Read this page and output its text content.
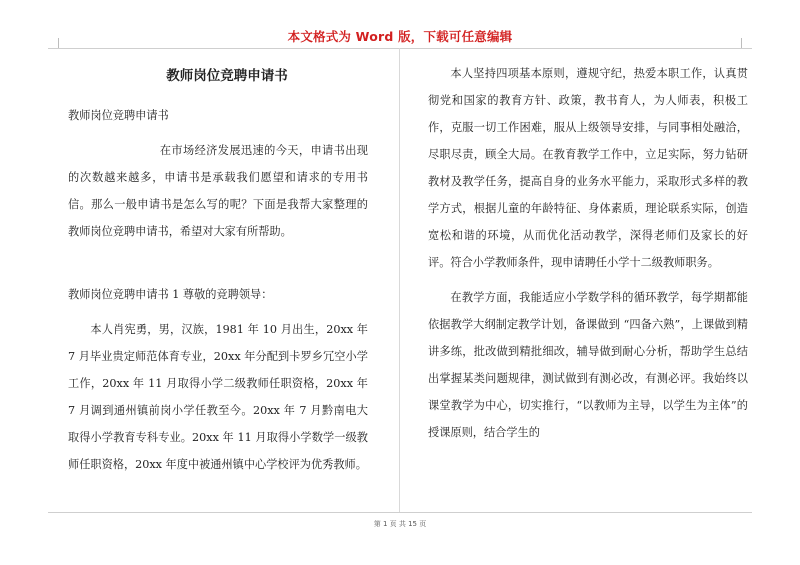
本文格式为 Word 版，下载可任意编辑
教师岗位竞聘申请书

教师岗位竞聘申请书

在市场经济发展迅速的今天，申请书出现的次数越来越多，申请书是承载我们愿望和请求的专用书信。那么一般申请书是怎么写的呢？下面是我帮大家整理的教师岗位竞聘申请书，希望对大家有所帮助。

教师岗位竞聘申请书 1 尊敬的竞聘领导：

本人肖宪勇，男，汉族，1981 年 10 月出生，20xx 年 7 月毕业贵定师范体育专业，20xx 年分配到卡罗乡冗空小学工作，20xx 年 11 月取得小学二级教师任职资格，20xx 年 7 月调到通州镇前岗小学任教至今。20xx 年 7 月黔南电大取得小学教育专科专业。20xx 年 11 月取得小学数学一级教师任职资格，20xx 年度中被通州镇中心学校评为优秀教师。

本人坚持四项基本原则，遵规守纪，热爱本职工作，认真贯彻党和国家的教育方针、政策，教书育人，为人师表，积极工作，克服一切工作困难，服从上级领导安排，与同事相处融洽，尽职尽责，顾全大局。在教育教学工作中，立足实际，努力钻研教材及教学任务，提高自身的业务水平能力，采取形式多样的教学方式，根据儿童的年龄特征、身体素质，理论联系实际，创造宽松和谐的环境，从而优化活动教学，深得老师们及家长的好评。符合小学教师条件，现申请聘任小学十二级教师职务。

在教学方面，我能适应小学数学科的循环教学，每学期都能依据教学大纲制定教学计划，备课做到 “四备六熟”，上课做到精讲多练，批改做到精批细改，辅导做到耐心分析，帮助学生总结出掌握某类问题规律，测试做到有测必改，有测必评。我始终以课堂教学为中心，切实推行，“以教师为主导，以学生为主体”的授课原则，结合学生的

第 1 页 共 15 页
